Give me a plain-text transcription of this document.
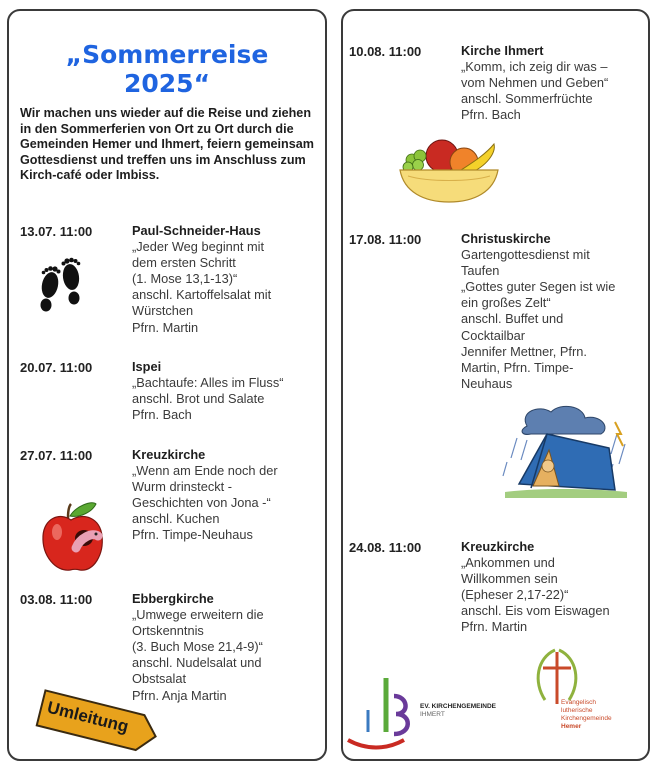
„Sommerreise
2025“
Wir machen uns wieder auf die Reise und ziehen in den Sommerferien von Ort zu Ort durch die Gemeinden Hemer und Ihmert, feiern gemeinsam Gottesdienst und treffen uns im Anschluss zum Kirch-café oder Imbiss.
13.07. 11:00	Paul-Schneider-Haus
„Jeder Weg beginnt mit
dem ersten Schritt
(1. Mose 13,1-13)“
anschl. Kartoffelsalat mit
Würstchen
Pfrn. Martin
20.07. 11:00	Ispei
„Bachtaufe: Alles im Fluss“
anschl. Brot und Salate
Pfrn. Bach
27.07. 11:00	Kreuzkirche
„Wenn am Ende noch der
Wurm drinsteckt -
Geschichten von Jona -“
anschl. Kuchen
Pfrn. Timpe-Neuhaus
03.08. 11:00	Ebbergkirche
„Umwege erweitern die
Ortskenntnis
(3. Buch Mose 21,4-9)“
anschl. Nudelsalat und
Obstsalat
Pfrn. Anja Martin
10.08. 11:00	Kirche Ihmert
„Komm, ich zeig dir was –
vom Nehmen und Geben“
anschl. Sommerfrüchte
Pfrn. Bach
17.08. 11:00	Christuskirche
Gartengottesdienst mit
Taufen
„Gottes guter Segen ist wie
ein großes Zelt“
anschl. Buffet und
Cocktailbar
Jennifer Mettner, Pfrn.
Martin, Pfrn. Timpe-
Neuhaus
24.08. 11:00	Kreuzkirche
„Ankommen und
Willkommen sein
(Epheser 2,17-22)“
anschl. Eis vom Eiswagen
Pfrn. Martin
Umleitung	EV. KIRCHENGEMEINDE
IHMERT
Evangelisch
lutherische
Kirchengemeinde
Hemer
